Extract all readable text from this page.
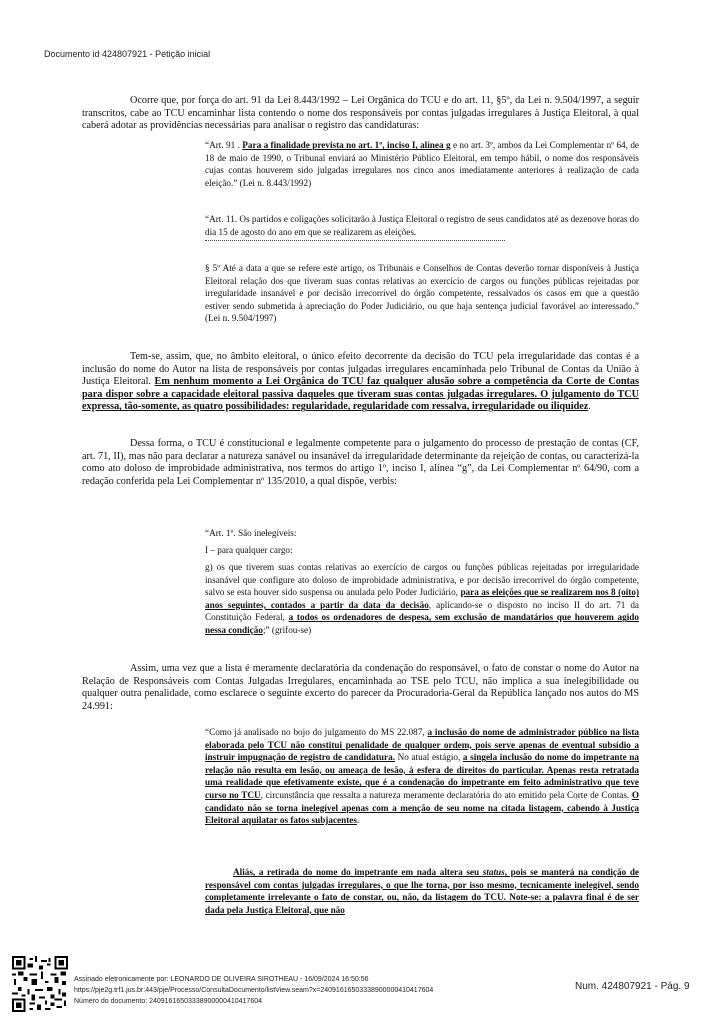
Documento id 424807921 - Petição inicial
Ocorre que, por força do art. 91 da Lei 8.443/1992 – Lei Orgânica do TCU e do art. 11, §5º, da Lei n. 9.504/1997, a seguir transcritos, cabe ao TCU encaminhar lista contendo o nome dos responsáveis por contas julgadas irregulares à Justiça Eleitoral, à qual caberá adotar as providências necessárias para analisar o registro das candidaturas:
“Art. 91 . Para a finalidade prevista no art. 1º, inciso I, alínea g e no art. 3º, ambos da Lei Complementar nº 64, de 18 de maio de 1990, o Tribunal enviará ao Ministério Público Eleitoral, em tempo hábil, o nome dos responsáveis cujas contas houverem sido julgadas irregulares nos cinco anos imediatamente anteriores à realização de cada eleição.” (Lei n. 8.443/1992)
“Art. 11. Os partidos e coligações solicitarão à Justiça Eleitoral o registro de seus candidatos até as dezenove horas do dia 15 de agosto do ano em que se realizarem as eleições.
§ 5º Até a data a que se refere este artigo, os Tribunais e Conselhos de Contas deverão tornar disponíveis à Justiça Eleitoral relação dos que tiveram suas contas relativas ao exercício de cargos ou funções públicas rejeitadas por irregularidade insanável e por decisão irrecorrível do órgão competente, ressalvados os casos em que a questão estiver sendo submetida à apreciação do Poder Judiciário, ou que haja sentença judicial favorável ao interessado.” (Lei n. 9.504/1997)
Tem-se, assim, que, no âmbito eleitoral, o único efeito decorrente da decisão do TCU pela irregularidade das contas é a inclusão do nome do Autor na lista de responsáveis por contas julgadas irregulares encaminhada pelo Tribunal de Contas da União à Justiça Eleitoral. Em nenhum momento a Lei Orgânica do TCU faz qualquer alusão sobre a competência da Corte de Contas para dispor sobre a capacidade eleitoral passiva daqueles que tiveram suas contas julgadas irregulares. O julgamento do TCU expressa, tão-somente, as quatro possibilidades: regularidade, regularidade com ressalva, irregularidade ou iliquidez.
Dessa forma, o TCU é constitucional e legalmente competente para o julgamento do processo de prestação de contas (CF, art. 71, II), mas não para declarar a natureza sanável ou insanável da irregularidade determinante da rejeição de contas, ou caracterizá-la como ato doloso de improbidade administrativa, nos termos do artigo 1º, inciso I, alínea “g”, da Lei Complementar nº 64/90, com a redação conferida pela Lei Complementar nº 135/2010, a qual dispõe, verbis:
“Art. 1º. São inelegíveis:
I – para qualquer cargo:
g) os que tiverem suas contas relativas ao exercício de cargos ou funções públicas rejeitadas por irregularidade insanável que configure ato doloso de improbidade administrativa, e por decisão irrecorrível do órgão competente, salvo se esta houver sido suspensa ou anulada pelo Poder Judiciário, para as eleições que se realizarem nos 8 (oito) anos seguintes, contados a partir da data da decisão, aplicando-se o disposto no inciso II do art. 71 da Constituição Federal, a todos os ordenadores de despesa, sem exclusão de mandatários que houverem agido nessa condição;” (grifou-se)
Assim, uma vez que a lista é meramente declaratória da condenação do responsável, o fato de constar o nome do Autor na Relação de Responsáveis com Contas Julgadas Irregulares, encaminhada ao TSE pelo TCU, não implica a sua inelegibilidade ou qualquer outra penalidade, como esclarece o seguinte excerto do parecer da Procuradoria-Geral da República lançado nos autos do MS 24.991:
“Como já analisado no bojo do julgamento do MS 22.087, a inclusão do nome de administrador público na lista elaborada pelo TCU não constitui penalidade de qualquer ordem, pois serve apenas de eventual subsídio a instruir impugnação de registro de candidatura. No atual estágio, a singela inclusão do nome do impetrante na relação não resulta em lesão, ou ameaça de lesão, à esfera de direitos do particular. Apenas resta retratada uma realidade que efetivamente existe, que é a condenação do impetrante em feito administrativo que teve curso no TCU, circunstância que ressalta a natureza meramente declaratória do ato emitido pela Corte de Contas. O candidato não se torna inelegível apenas com a menção de seu nome na citada listagem, cabendo à Justiça Eleitoral aquilatar os fatos subjacentes.
Aliás, a retirada do nome do impetrante em nada altera seu status, pois se manterá na condição de responsável com contas julgadas irregulares, o que lhe torna, por isso mesmo, tecnicamente inelegível, sendo completamente irrelevante o fato de constar, ou, não, da listagem do TCU. Note-se: a palavra final é de ser dada pela Justiça Eleitoral, que não
Assinado eletronicamente por: LEONARDO DE OLIVEIRA SIROTHEAU - 16/09/2024 16:50:56
https://pje2g.trf1.jus.br:443/pje/Processo/ConsultaDocumento/listView.seam?x=24091616503338900000410417604
Número do documento: 24091616503338900000410417604
Num. 424807921 - Pág. 9
